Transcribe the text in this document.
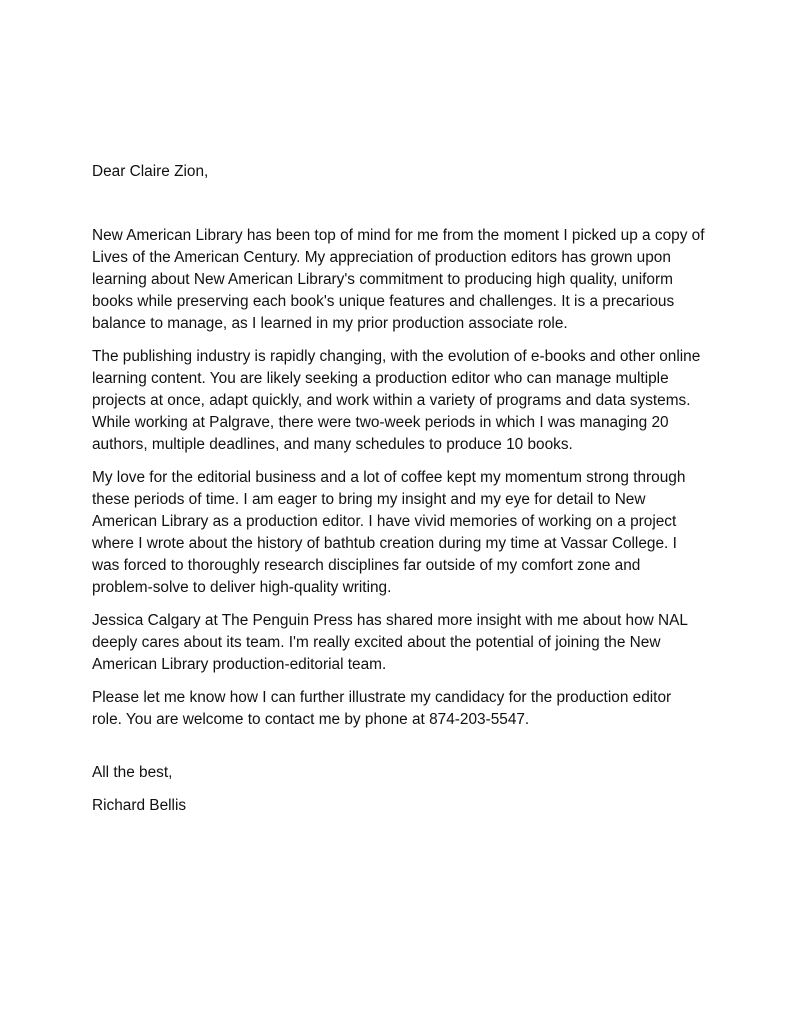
Dear Claire Zion,

New American Library has been top of mind for me from the moment I picked up a copy of Lives of the American Century. My appreciation of production editors has grown upon learning about New American Library's commitment to producing high quality, uniform books while preserving each book's unique features and challenges. It is a precarious balance to manage, as I learned in my prior production associate role.

The publishing industry is rapidly changing, with the evolution of e-books and other online learning content. You are likely seeking a production editor who can manage multiple projects at once, adapt quickly, and work within a variety of programs and data systems. While working at Palgrave, there were two-week periods in which I was managing 20 authors, multiple deadlines, and many schedules to produce 10 books.

My love for the editorial business and a lot of coffee kept my momentum strong through these periods of time. I am eager to bring my insight and my eye for detail to New American Library as a production editor. I have vivid memories of working on a project where I wrote about the history of bathtub creation during my time at Vassar College. I was forced to thoroughly research disciplines far outside of my comfort zone and problem-solve to deliver high-quality writing.

Jessica Calgary at The Penguin Press has shared more insight with me about how NAL deeply cares about its team. I'm really excited about the potential of joining the New American Library production-editorial team.

Please let me know how I can further illustrate my candidacy for the production editor role. You are welcome to contact me by phone at 874-203-5547.

All the best,

Richard Bellis
